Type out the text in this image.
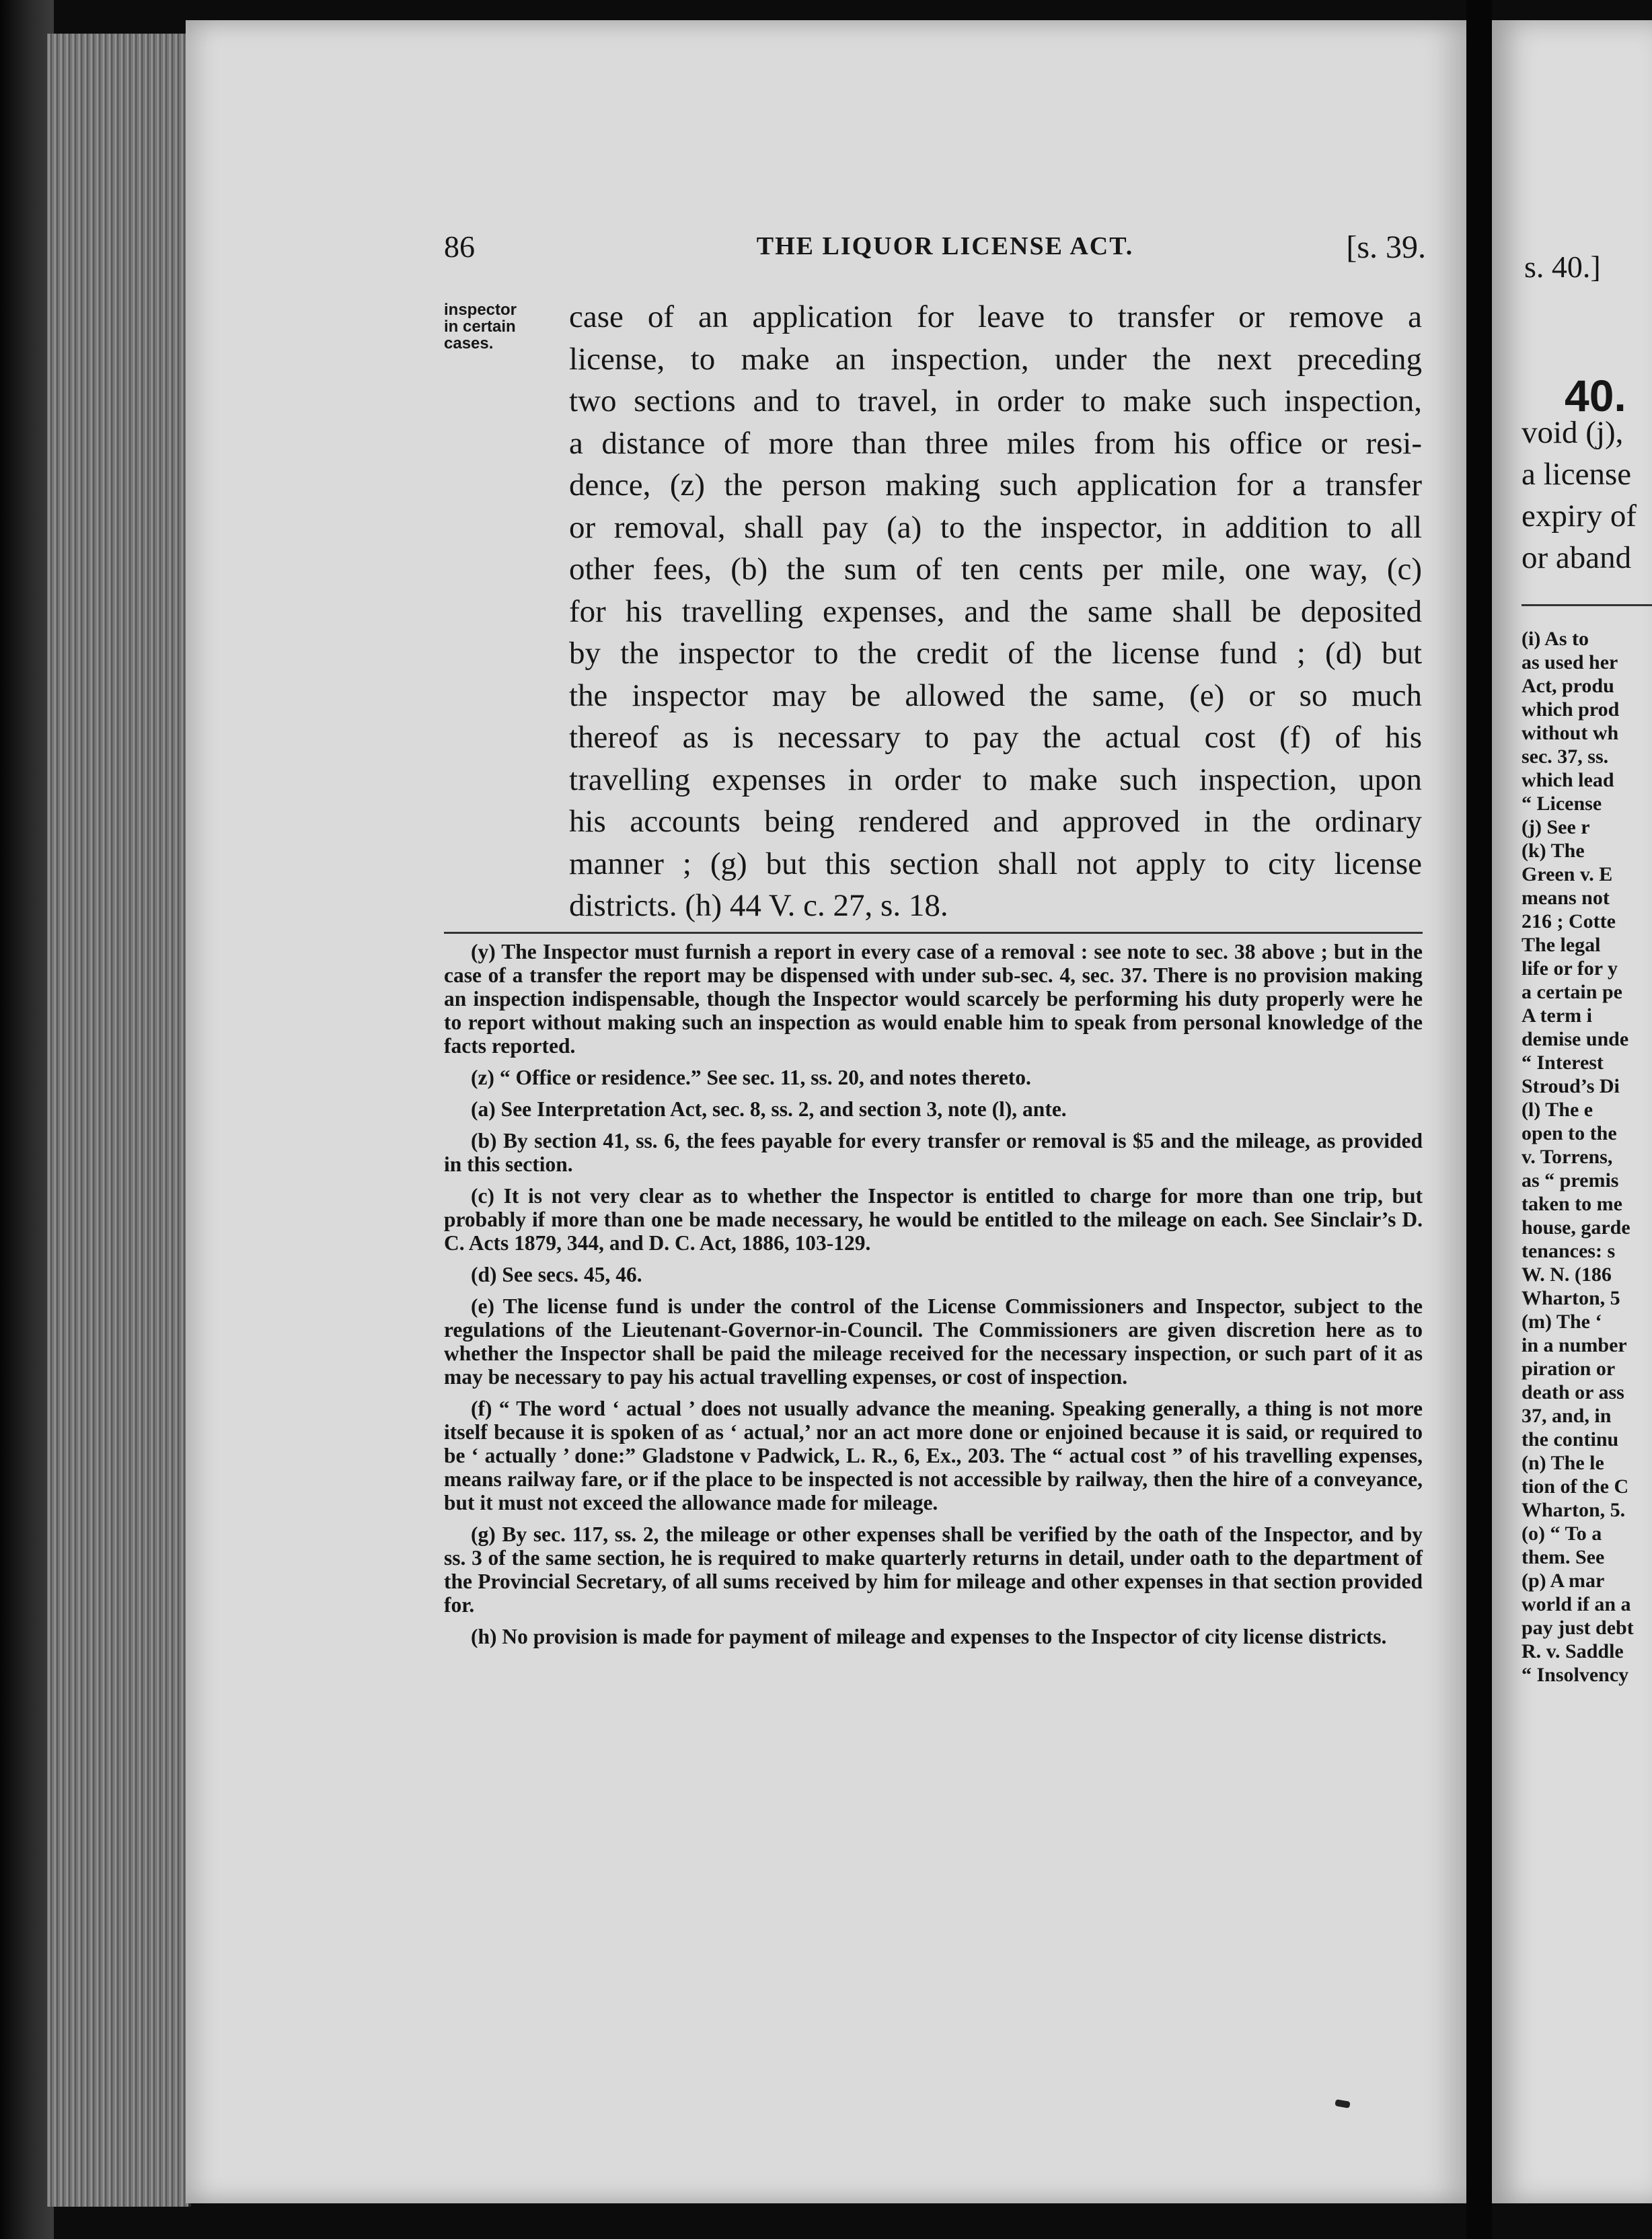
86	THE LIQUOR LICENSE ACT.	[s. 39.
inspector
in certain
cases.
case of an application for leave to transfer or remove a
license, to make an inspection, under the next preceding
two sections and to travel, in order to make such inspection,
a distance of more than three miles from his office or resi-
dence, (z) the person making such application for a transfer
or removal, shall pay (a) to the inspector, in addition to all
other fees, (b) the sum of ten cents per mile, one way, (c)
for his travelling expenses, and the same shall be deposited
by the inspector to the credit of the license fund ; (d) but
the inspector may be allowed the same, (e) or so much
thereof as is necessary to pay the actual cost (f) of his
travelling expenses in order to make such inspection, upon
his accounts being rendered and approved in the ordinary
manner ; (g) but this section shall not apply to city license
districts. (h) 44 V. c. 27, s. 18.

(y) The Inspector must furnish a report in every case of a removal : see note to sec. 38 above ; but in the case of a transfer the report may be dispensed with under sub-sec. 4, sec. 37. There is no provision making an inspection indispensable, though the Inspector would scarcely be performing his duty properly were he to report without making such an inspection as would enable him to speak from personal knowledge of the facts reported.

(z) “ Office or residence.” See sec. 11, ss. 20, and notes thereto.

(a) See Interpretation Act, sec. 8, ss. 2, and section 3, note (l), ante.

(b) By section 41, ss. 6, the fees payable for every transfer or removal is $5 and the mileage, as provided in this section.

(c) It is not very clear as to whether the Inspector is entitled to charge for more than one trip, but probably if more than one be made necessary, he would be entitled to the mileage on each. See Sinclair’s D. C. Acts 1879, 344, and D. C. Act, 1886, 103-129.

(d) See secs. 45, 46.

(e) The license fund is under the control of the License Commissioners and Inspector, subject to the regulations of the Lieutenant-Governor-in-Council. The Commissioners are given discretion here as to whether the Inspector shall be paid the mileage received for the necessary inspection, or such part of it as may be necessary to pay his actual travelling expenses, or cost of inspection.

(f) “ The word ‘ actual ’ does not usually advance the meaning. Speaking generally, a thing is not more itself because it is spoken of as ‘ actual,’ nor an act more done or enjoined because it is said, or required to be ‘ actually ’ done:” Gladstone v Padwick, L. R., 6, Ex., 203. The “ actual cost ” of his travelling expenses, means railway fare, or if the place to be inspected is not accessible by railway, then the hire of a conveyance, but it must not exceed the allowance made for mileage.

(g) By sec. 117, ss. 2, the mileage or other expenses shall be verified by the oath of the Inspector, and by ss. 3 of the same section, he is required to make quarterly returns in detail, under oath to the department of the Provincial Secretary, of all sums received by him for mileage and other expenses in that section provided for.

(h) No provision is made for payment of mileage and expenses to the Inspector of city license districts.

s. 40.]
40.
void (j),
a license
expiry of
or aband
(i) As to
as used her
Act, produ
which prod
without wh
sec. 37, ss.
which lead
“ License
(j) See r
(k) The
Green v. E
means not
216 ; Cotte
The legal
life or for y
a certain pe
A term i
demise unde
“ Interest
Stroud’s Di
(l) The e
open to the
v. Torrens,
as “ premis
taken to me
house, garde
tenances: s
W. N. (186
Wharton, 5
(m) The ‘
in a number
piration or
death or ass
37, and, in
the continu
(n) The le
tion of the C
Wharton, 5.
(o) “ To a
them. See
(p) A mar
world if an a
pay just debt
R. v. Saddle
“ Insolvency
